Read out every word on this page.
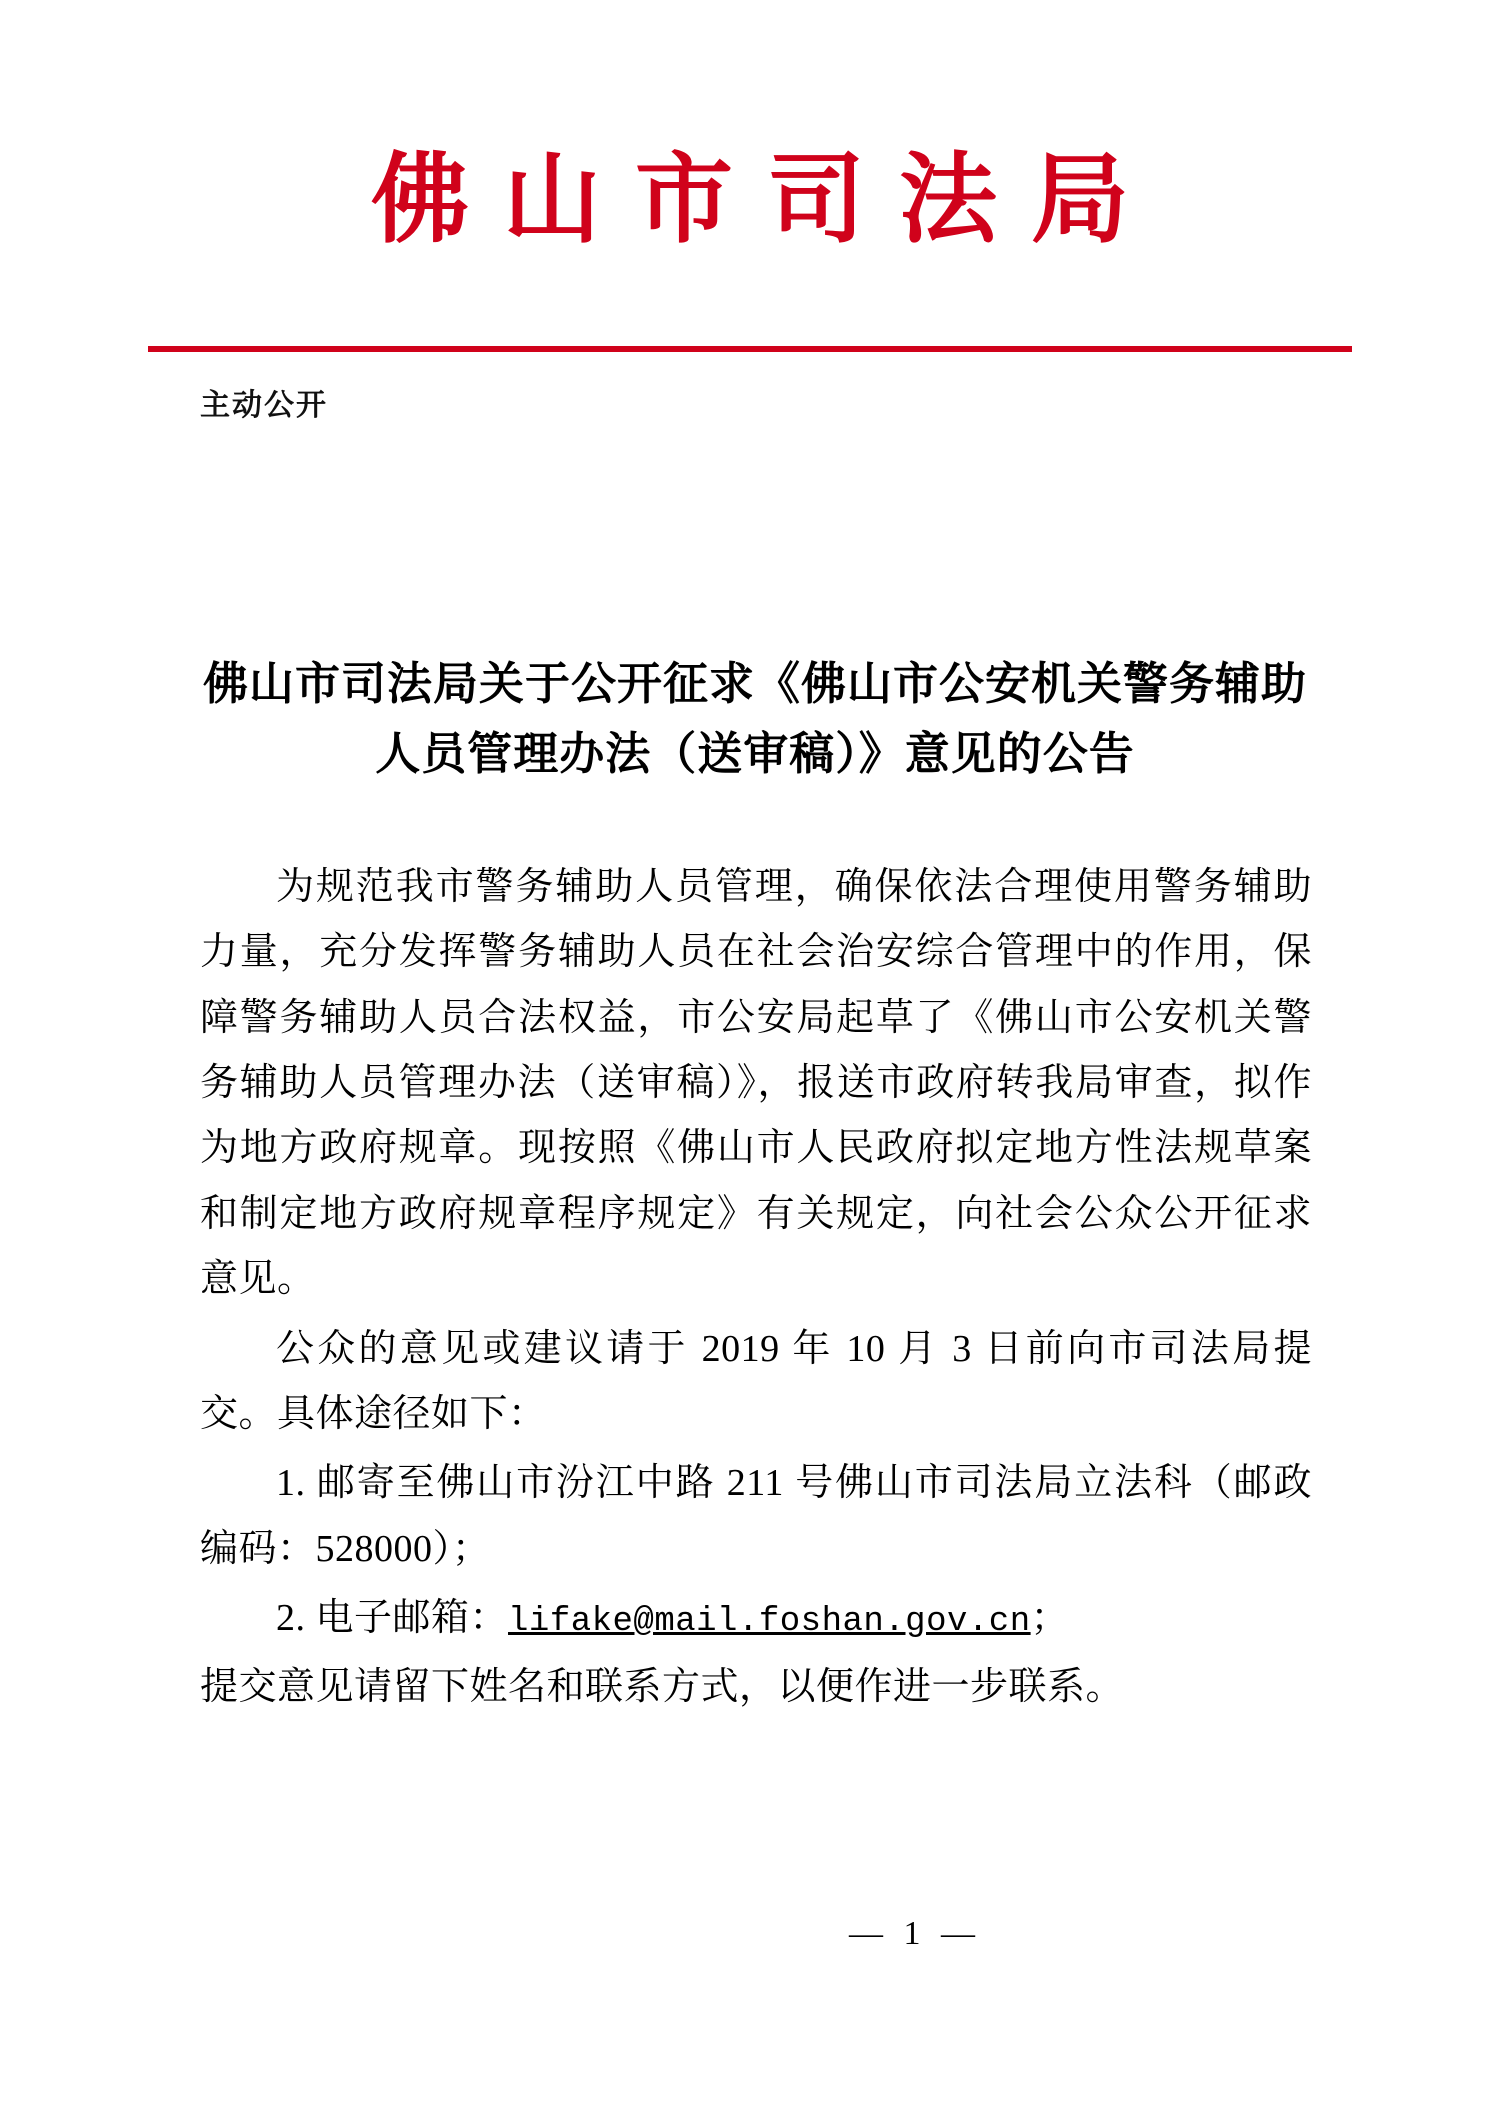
佛山市司法局
主动公开
佛山市司法局关于公开征求《佛山市公安机关警务辅助人员管理办法（送审稿）》意见的公告

为规范我市警务辅助人员管理，确保依法合理使用警务辅助力量，充分发挥警务辅助人员在社会治安综合管理中的作用，保障警务辅助人员合法权益，市公安局起草了《佛山市公安机关警务辅助人员管理办法（送审稿）》，报送市政府转我局审查，拟作为地方政府规章。现按照《佛山市人民政府拟定地方性法规草案和制定地方政府规章程序规定》有关规定，向社会公众公开征求意见。

公众的意见或建议请于 2019 年 10 月 3 日前向市司法局提交。具体途径如下：

1. 邮寄至佛山市汾江中路 211 号佛山市司法局立法科（邮政编码：528000）；

2. 电子邮箱：lifake@mail.foshan.gov.cn；

提交意见请留下姓名和联系方式，以便作进一步联系。

— 1 —
